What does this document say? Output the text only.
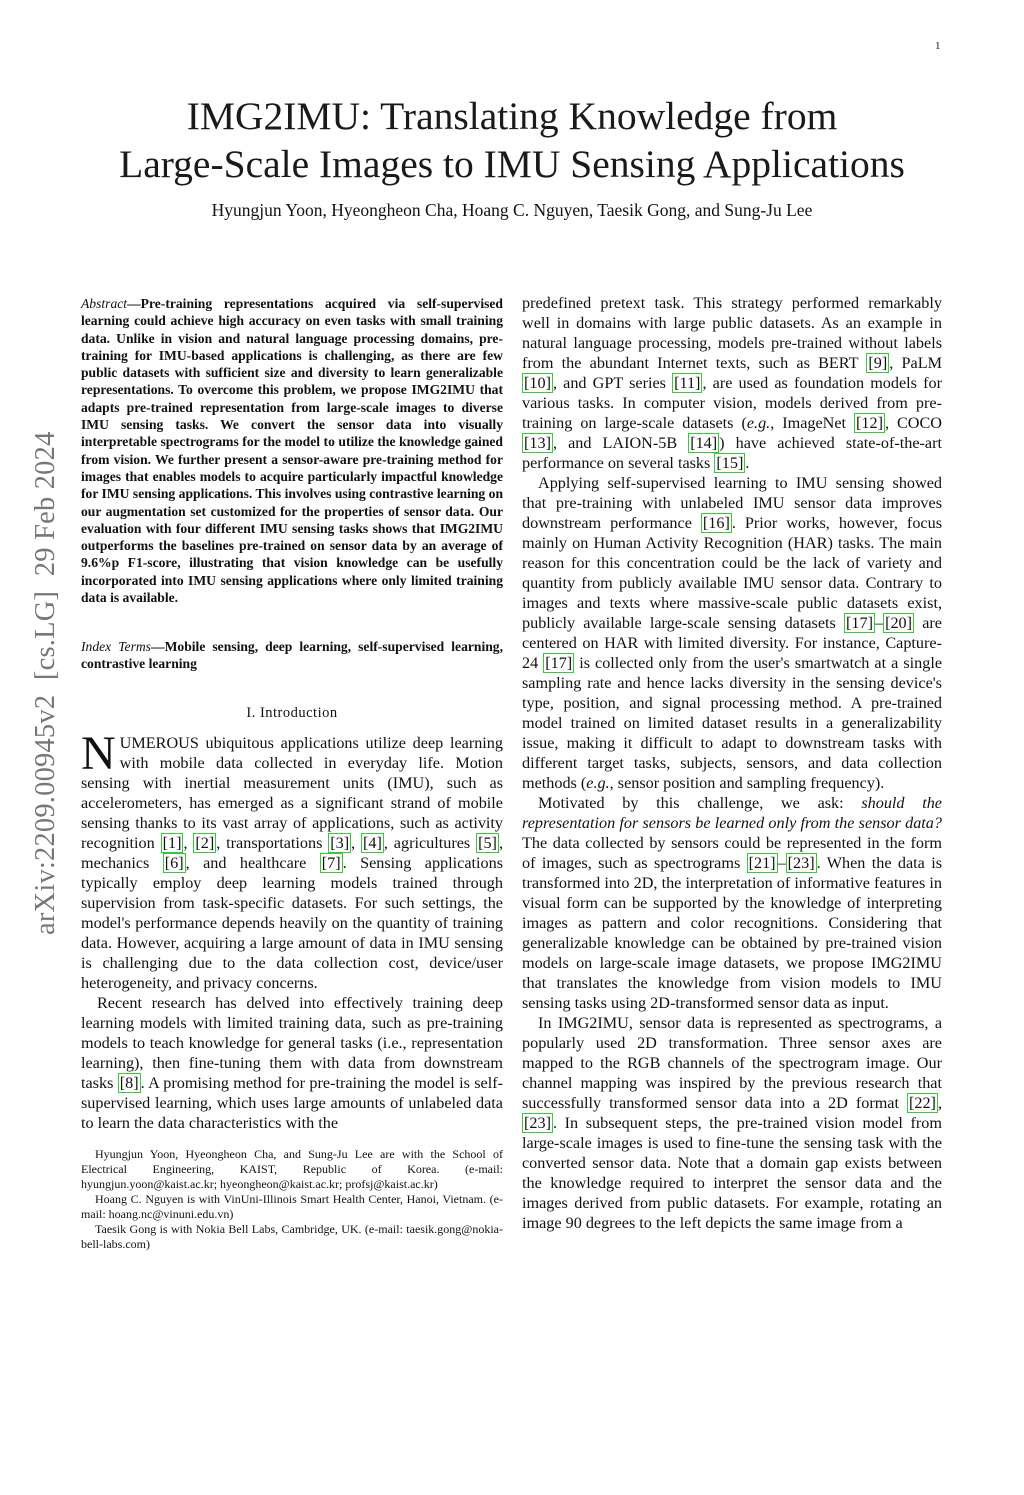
1
arXiv:2209.00945v2  [cs.LG]  29 Feb 2024
IMG2IMU: Translating Knowledge from
Large-Scale Images to IMU Sensing Applications
Hyungjun Yoon, Hyeongheon Cha, Hoang C. Nguyen, Taesik Gong, and Sung-Ju Lee
Abstract—Pre-training representations acquired via self-supervised learning could achieve high accuracy on even tasks with small training data. Unlike in vision and natural language processing domains, pre-training for IMU-based applications is challenging, as there are few public datasets with sufficient size and diversity to learn generalizable representations. To overcome this problem, we propose IMG2IMU that adapts pre-trained representation from large-scale images to diverse IMU sensing tasks. We convert the sensor data into visually interpretable spectrograms for the model to utilize the knowledge gained from vision. We further present a sensor-aware pre-training method for images that enables models to acquire particularly impactful knowledge for IMU sensing applications. This involves using contrastive learning on our augmentation set customized for the properties of sensor data. Our evaluation with four different IMU sensing tasks shows that IMG2IMU outperforms the baselines pre-trained on sensor data by an average of 9.6%p F1-score, illustrating that vision knowledge can be usefully incorporated into IMU sensing applications where only limited training data is available.
Index Terms—Mobile sensing, deep learning, self-supervised learning, contrastive learning
I. Introduction

NUMEROUS ubiquitous applications utilize deep learning with mobile data collected in everyday life. Motion sensing with inertial measurement units (IMU), such as accelerometers, has emerged as a significant strand of mobile sensing thanks to its vast array of applications, such as activity recognition [1] , [2] , transportations [3] , [4] , agricultures [5] , mechanics [6] , and healthcare [7] . Sensing applications typically employ deep learning models trained through supervision from task-specific datasets. For such settings, the model's performance depends heavily on the quantity of training data. However, acquiring a large amount of data in IMU sensing is challenging due to the data collection cost, device/user heterogeneity, and privacy concerns.

Recent research has delved into effectively training deep learning models with limited training data, such as pre-training models to teach knowledge for general tasks (i.e., representation learning), then fine-tuning them with data from downstream tasks [8] . A promising method for pre-training the model is self-supervised learning, which uses large amounts of unlabeled data to learn the data characteristics with the

Hyungjun Yoon, Hyeongheon Cha, and Sung-Ju Lee are with the School of Electrical Engineering, KAIST, Republic of Korea. (e-mail: hyungjun.yoon@kaist.ac.kr; hyeongheon@kaist.ac.kr; profsj@kaist.ac.kr)

Hoang C. Nguyen is with VinUni-Illinois Smart Health Center, Hanoi, Vietnam. (e-mail: hoang.nc@vinuni.edu.vn)

Taesik Gong is with Nokia Bell Labs, Cambridge, UK. (e-mail: taesik.gong@nokia-bell-labs.com)

predefined pretext task. This strategy performed remarkably well in domains with large public datasets. As an example in natural language processing, models pre-trained without labels from the abundant Internet texts, such as BERT [9] , PaLM [10] , and GPT series [11] , are used as foundation models for various tasks. In computer vision, models derived from pre-training on large-scale datasets (e.g., ImageNet [12] , COCO [13] , and LAION-5B [14] ) have achieved state-of-the-art performance on several tasks [15] .

Applying self-supervised learning to IMU sensing showed that pre-training with unlabeled IMU sensor data improves downstream performance [16] . Prior works, however, focus mainly on Human Activity Recognition (HAR) tasks. The main reason for this concentration could be the lack of variety and quantity from publicly available IMU sensor data. Contrary to images and texts where massive-scale public datasets exist, publicly available large-scale sensing datasets [17] – [20] are centered on HAR with limited diversity. For instance, Capture-24 [17] is collected only from the user's smartwatch at a single sampling rate and hence lacks diversity in the sensing device's type, position, and signal processing method. A pre-trained model trained on limited dataset results in a generalizability issue, making it difficult to adapt to downstream tasks with different target tasks, subjects, sensors, and data collection methods (e.g., sensor position and sampling frequency).

Motivated by this challenge, we ask: should the representation for sensors be learned only from the sensor data? The data collected by sensors could be represented in the form of images, such as spectrograms [21] – [23] . When the data is transformed into 2D, the interpretation of informative features in visual form can be supported by the knowledge of interpreting images as pattern and color recognitions. Considering that generalizable knowledge can be obtained by pre-trained vision models on large-scale image datasets, we propose IMG2IMU that translates the knowledge from vision models to IMU sensing tasks using 2D-transformed sensor data as input.

In IMG2IMU, sensor data is represented as spectrograms, a popularly used 2D transformation. Three sensor axes are mapped to the RGB channels of the spectrogram image. Our channel mapping was inspired by the previous research that successfully transformed sensor data into a 2D format [22] , [23] . In subsequent steps, the pre-trained vision model from large-scale images is used to fine-tune the sensing task with the converted sensor data. Note that a domain gap exists between the knowledge required to interpret the sensor data and the images derived from public datasets. For example, rotating an image 90 degrees to the left depicts the same image from a
